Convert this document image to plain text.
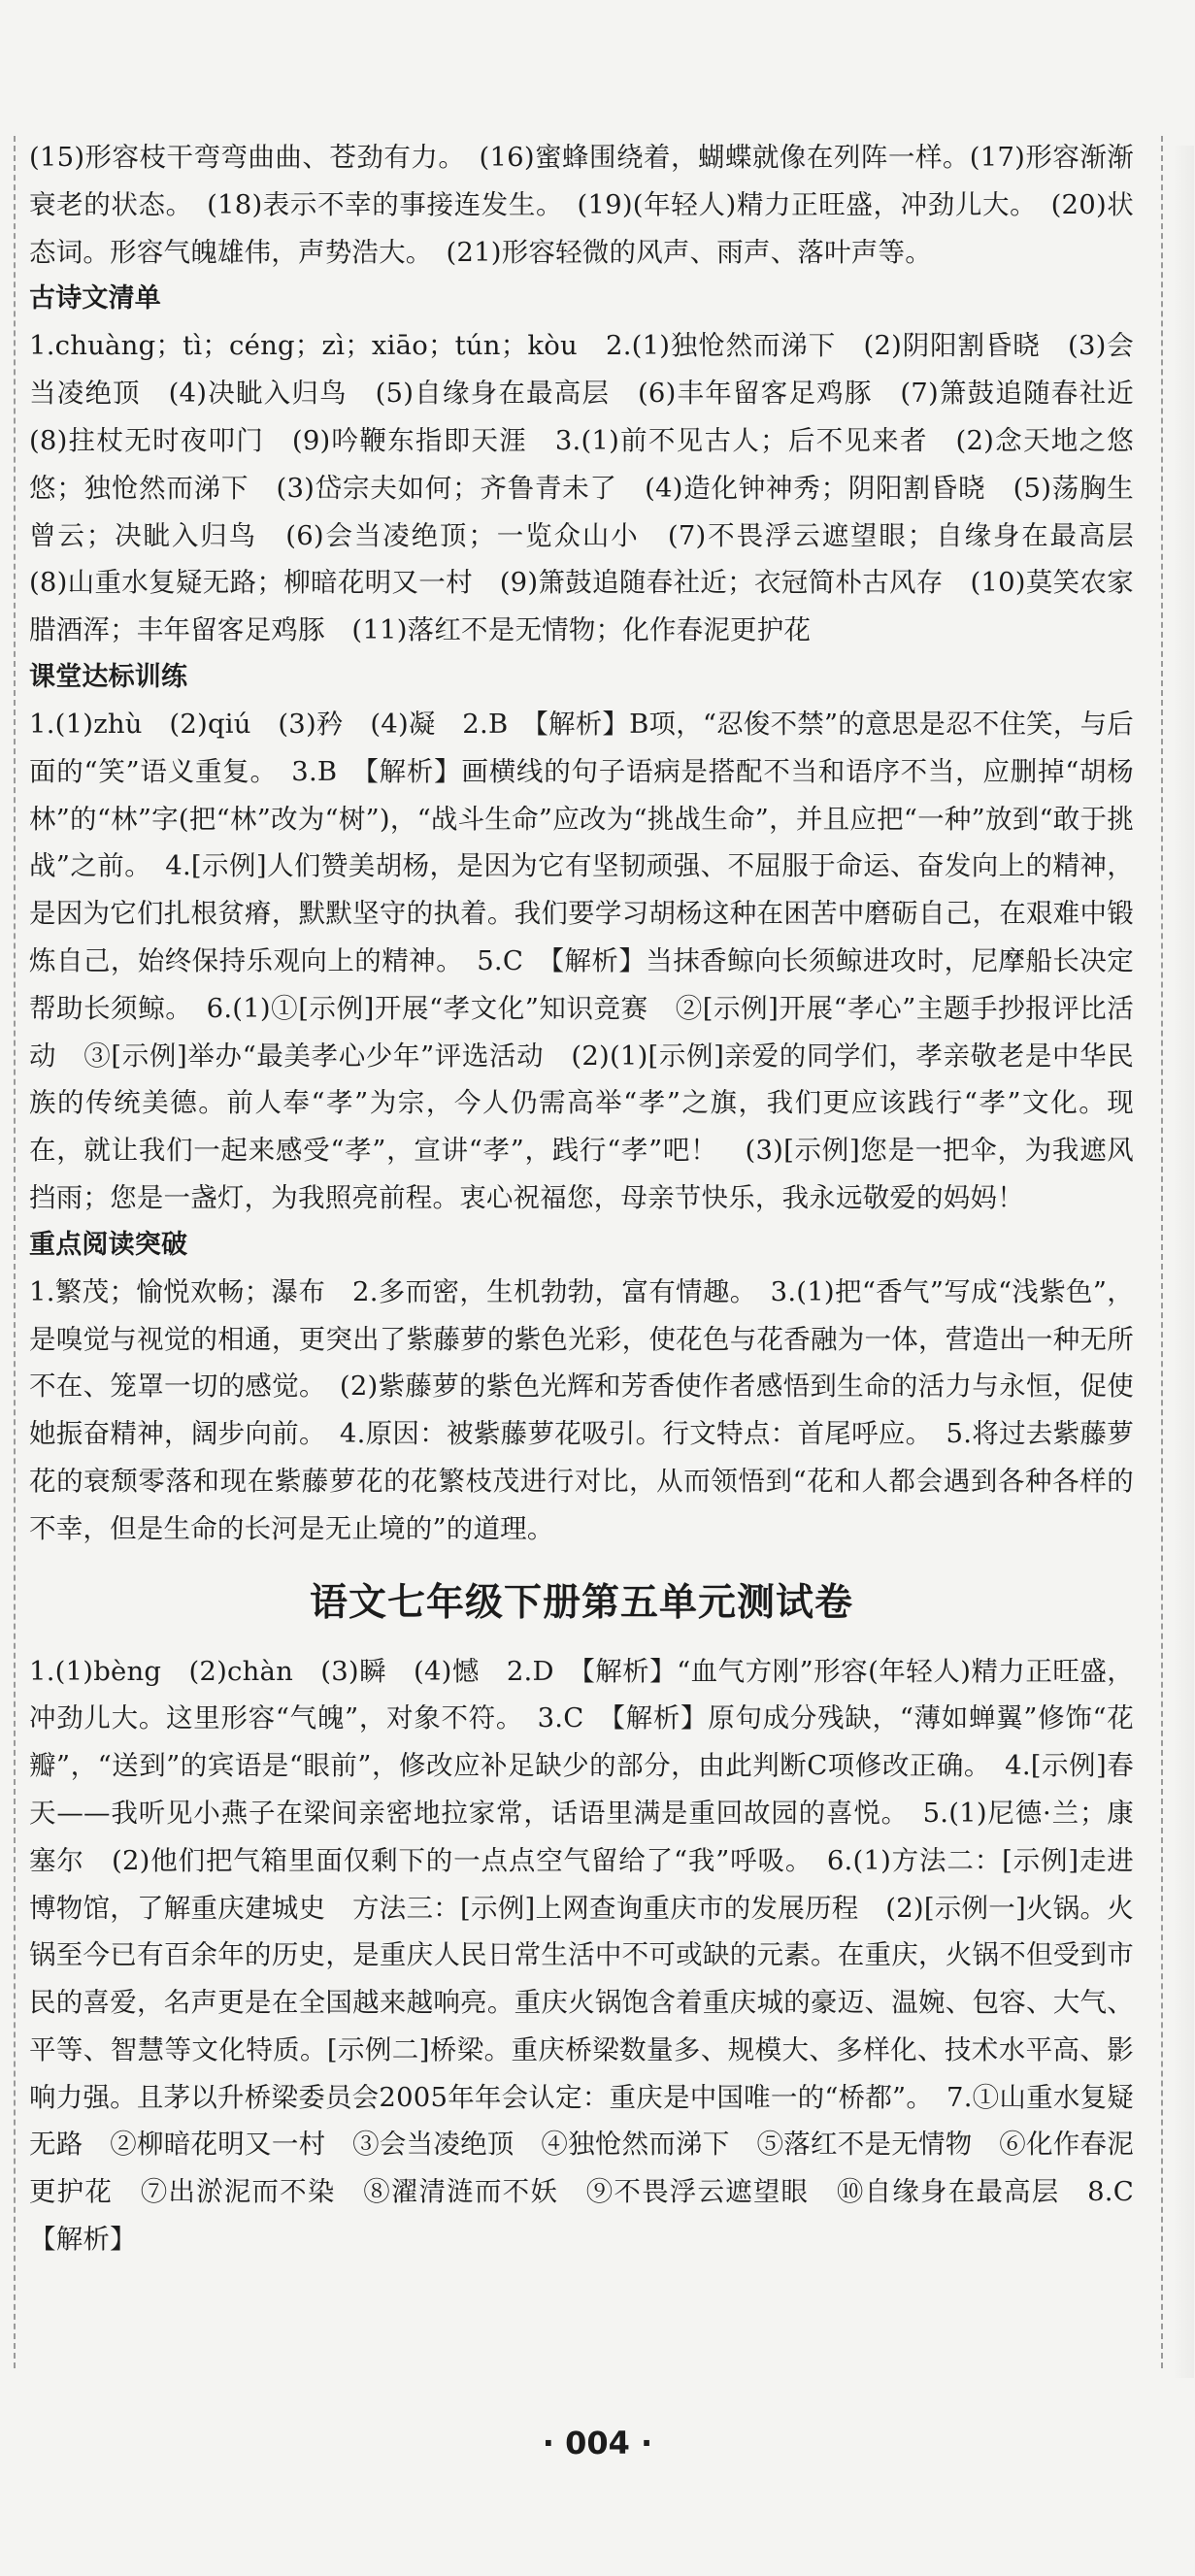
(15)形容枝干弯弯曲曲、苍劲有力。　(16)蜜蜂围绕着，蝴蝶就像在列阵一样。(17)形容渐渐衰老的状态。　(18)表示不幸的事接连发生。　(19)(年轻人)精力正旺盛，冲劲儿大。　(20)状态词。形容气魄雄伟，声势浩大。　(21)形容轻微的风声、雨声、落叶声等。

古诗文清单

1.chuàng；tì；céng；zì；xiāo；tún；kòu　2.(1)独怆然而涕下　(2)阴阳割昏晓　(3)会当凌绝顶　(4)决眦入归鸟　(5)自缘身在最高层　(6)丰年留客足鸡豚　(7)箫鼓追随春社近　(8)拄杖无时夜叩门　(9)吟鞭东指即天涯　3.(1)前不见古人；后不见来者　(2)念天地之悠悠；独怆然而涕下　(3)岱宗夫如何；齐鲁青未了　(4)造化钟神秀；阴阳割昏晓　(5)荡胸生曾云；决眦入归鸟　(6)会当凌绝顶；一览众山小　(7)不畏浮云遮望眼；自缘身在最高层　(8)山重水复疑无路；柳暗花明又一村　(9)箫鼓追随春社近；衣冠简朴古风存　(10)莫笑农家腊酒浑；丰年留客足鸡豚　(11)落红不是无情物；化作春泥更护花

课堂达标训练

1.(1)zhù　(2)qiú　(3)矜　(4)凝　2.B　【解析】B项，“忍俊不禁”的意思是忍不住笑，与后面的“笑”语义重复。　3.B　【解析】画横线的句子语病是搭配不当和语序不当，应删掉“胡杨林”的“林”字(把“林”改为“树”)，“战斗生命”应改为“挑战生命”，并且应把“一种”放到“敢于挑战”之前。　4.[示例]人们赞美胡杨，是因为它有坚韧顽强、不屈服于命运、奋发向上的精神，是因为它们扎根贫瘠，默默坚守的执着。我们要学习胡杨这种在困苦中磨砺自己，在艰难中锻炼自己，始终保持乐观向上的精神。　5.C　【解析】当抹香鲸向长须鲸进攻时，尼摩船长决定帮助长须鲸。　6.(1)①[示例]开展“孝文化”知识竞赛　②[示例]开展“孝心”主题手抄报评比活动　③[示例]举办“最美孝心少年”评选活动　(2)(1)[示例]亲爱的同学们，孝亲敬老是中华民族的传统美德。前人奉“孝”为宗，今人仍需高举“孝”之旗，我们更应该践行“孝”文化。现在，就让我们一起来感受“孝”，宣讲“孝”，践行“孝”吧！　(3)[示例]您是一把伞，为我遮风挡雨；您是一盏灯，为我照亮前程。衷心祝福您，母亲节快乐，我永远敬爱的妈妈！

重点阅读突破

1.繁茂；愉悦欢畅；瀑布　2.多而密，生机勃勃，富有情趣。　3.(1)把“香气”写成“浅紫色”，是嗅觉与视觉的相通，更突出了紫藤萝的紫色光彩，使花色与花香融为一体，营造出一种无所不在、笼罩一切的感觉。　(2)紫藤萝的紫色光辉和芳香使作者感悟到生命的活力与永恒，促使她振奋精神，阔步向前。　4.原因：被紫藤萝花吸引。行文特点：首尾呼应。　5.将过去紫藤萝花的衰颓零落和现在紫藤萝花的花繁枝茂进行对比，从而领悟到“花和人都会遇到各种各样的不幸，但是生命的长河是无止境的”的道理。

语文七年级下册第五单元测试卷

1.(1)bèng　(2)chàn　(3)瞬　(4)憾　2.D　【解析】“血气方刚”形容(年轻人)精力正旺盛，冲劲儿大。这里形容“气魄”，对象不符。　3.C　【解析】原句成分残缺，“薄如蝉翼”修饰“花瓣”，“送到”的宾语是“眼前”，修改应补足缺少的部分，由此判断C项修改正确。　4.[示例]春天——我听见小燕子在梁间亲密地拉家常，话语里满是重回故园的喜悦。　5.(1)尼德·兰；康塞尔　(2)他们把气箱里面仅剩下的一点点空气留给了“我”呼吸。　6.(1)方法二：[示例]走进博物馆，了解重庆建城史　方法三：[示例]上网查询重庆市的发展历程　(2)[示例一]火锅。火锅至今已有百余年的历史，是重庆人民日常生活中不可或缺的元素。在重庆，火锅不但受到市民的喜爱，名声更是在全国越来越响亮。重庆火锅饱含着重庆城的豪迈、温婉、包容、大气、平等、智慧等文化特质。[示例二]桥梁。重庆桥梁数量多、规模大、多样化、技术水平高、影响力强。且茅以升桥梁委员会2005年年会认定：重庆是中国唯一的“桥都”。　7.①山重水复疑无路　②柳暗花明又一村　③会当凌绝顶　④独怆然而涕下　⑤落红不是无情物　⑥化作春泥更护花　⑦出淤泥而不染　⑧濯清涟而不妖　⑨不畏浮云遮望眼　⑩自缘身在最高层　8.C　【解析】

· 004 ·
